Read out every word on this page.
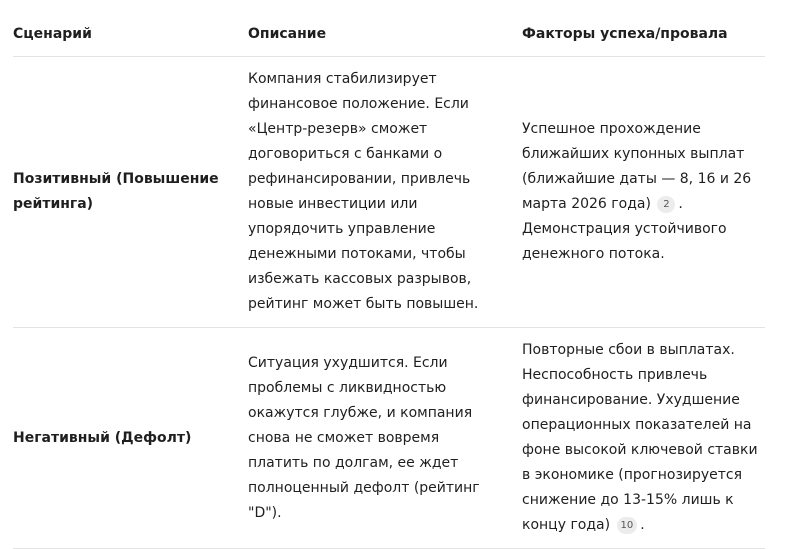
Сценарий	Описание	Факторы успеха/провала

Позитивный (Повышение рейтинга)

Компания стабилизирует финансовое положение. Если «Центр-резерв» сможет договориться с банками о рефинансировании, привлечь новые инвестиции или упорядочить управление денежными потоками, чтобы избежать кассовых разрывов, рейтинг может быть повышен.

Успешное прохождение ближайших купонных выплат (ближайшие даты — 8, 16 и 26 марта 2026 года) 2 . Демонстрация устойчивого денежного потока.

Негативный (Дефолт)

Ситуация ухудшится. Если проблемы с ликвидностью окажутся глубже, и компания снова не сможет вовремя платить по долгам, ее ждет полноценный дефолт (рейтинг "D").

Повторные сбои в выплатах. Неспособность привлечь финансирование. Ухудшение операционных показателей на фоне высокой ключевой ставки в экономике (прогнозируется снижение до 13-15% лишь к концу года) 10 .
